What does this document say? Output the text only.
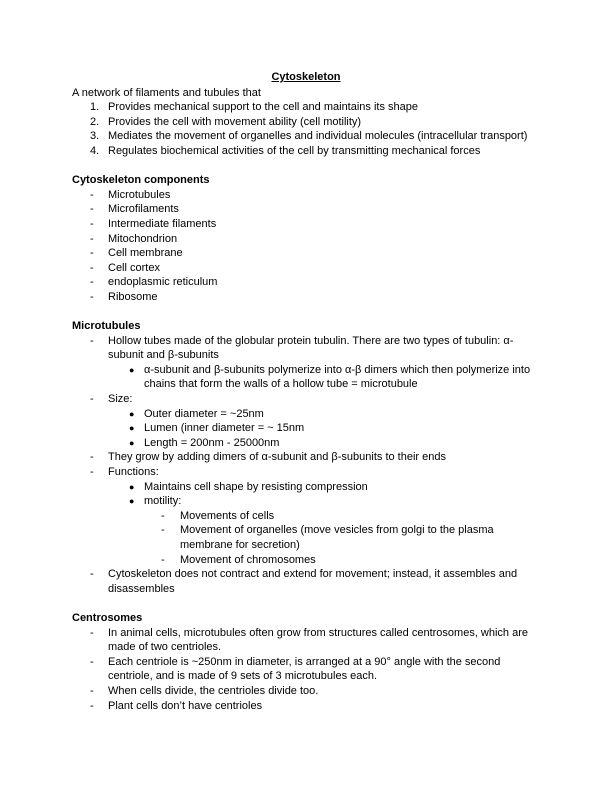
Cytoskeleton
A network of filaments and tubules that
1. Provides mechanical support to the cell and maintains its shape
2. Provides the cell with movement ability (cell motility)
3. Mediates the movement of organelles and individual molecules (intracellular transport)
4. Regulates biochemical activities of the cell by transmitting mechanical forces
Cytoskeleton components
- Microtubules
- Microfilaments
- Intermediate filaments
- Mitochondrion
- Cell membrane
- Cell cortex
- endoplasmic reticulum
- Ribosome
Microtubules
- Hollow tubes made of the globular protein tubulin. There are two types of tubulin: α-subunit and β-subunits
● α-subunit and β-subunits polymerize into α-β dimers which then polymerize into chains that form the walls of a hollow tube = microtubule
- Size:
● Outer diameter = ~25nm
● Lumen (inner diameter = ~ 15nm
● Length = 200nm - 25000nm
- They grow by adding dimers of α-subunit and β-subunits to their ends
- Functions:
● Maintains cell shape by resisting compression
● motility:
- Movements of cells
- Movement of organelles (move vesicles from golgi to the plasma membrane for secretion)
- Movement of chromosomes
- Cytoskeleton does not contract and extend for movement; instead, it assembles and disassembles
Centrosomes
- In animal cells, microtubules often grow from structures called centrosomes, which are made of two centrioles.
- Each centriole is ~250nm in diameter, is arranged at a 90° angle with the second centriole, and is made of 9 sets of 3 microtubules each.
- When cells divide, the centrioles divide too.
- Plant cells don’t have centrioles
